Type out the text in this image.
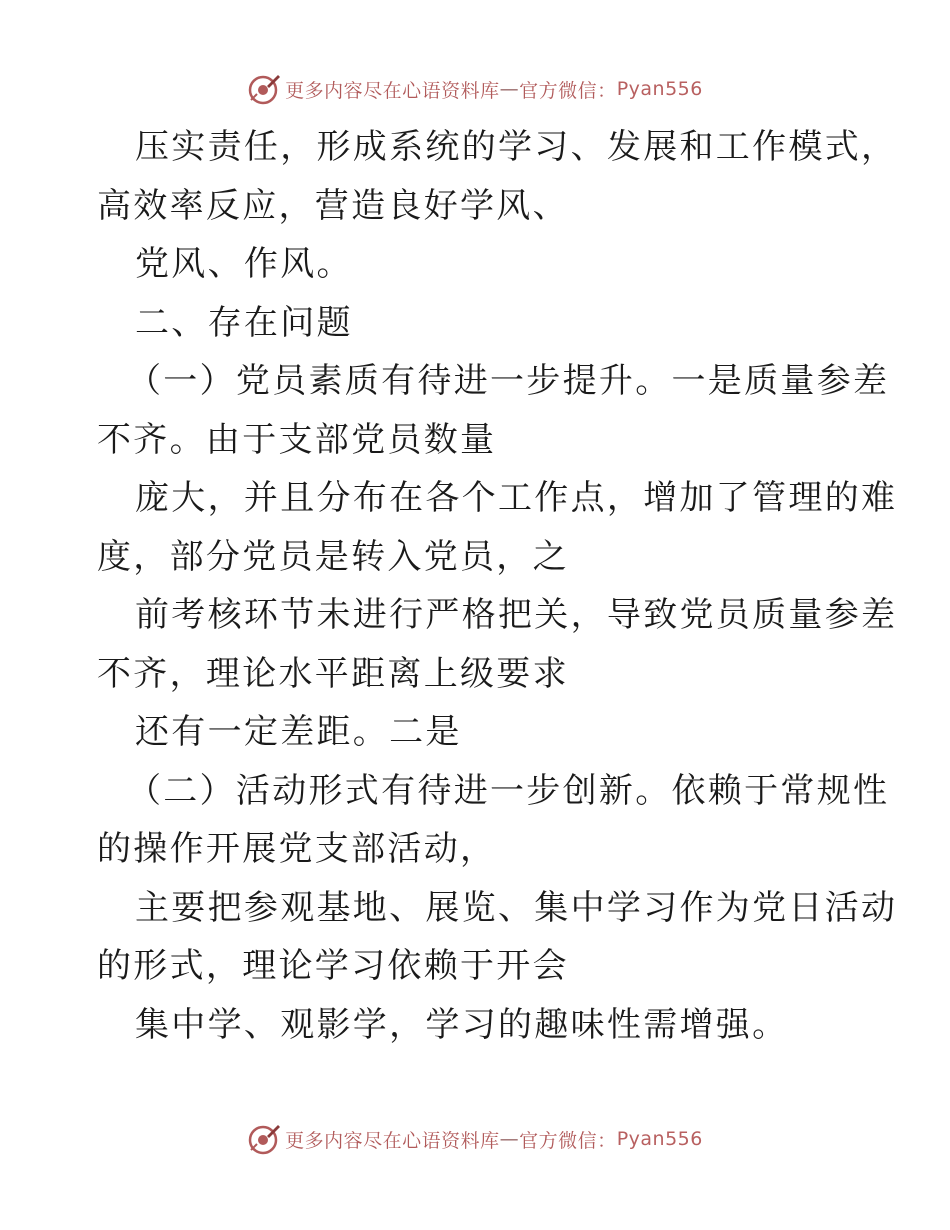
更多内容尽在心语资料库 — 官方微信： Pyan556
压实责任，形成系统的学习、发展和工作模式，
高效率反应，营造良好学风、
党风、作风。
二、存在问题
（一）党员素质有待进一步提升。一是质量参差
不齐。由于支部党员数量
庞大，并且分布在各个工作点，增加了管理的难
度，部分党员是转入党员，之
前考核环节未进行严格把关，导致党员质量参差
不齐，理论水平距离上级要求
还有一定差距。二是
（二）活动形式有待进一步创新。依赖于常规性
的操作开展党支部活动，
主要把参观基地、展览、集中学习作为党日活动
的形式，理论学习依赖于开会
集中学、观影学，学习的趣味性需增强。
更多内容尽在心语资料库 — 官方微信： Pyan556
